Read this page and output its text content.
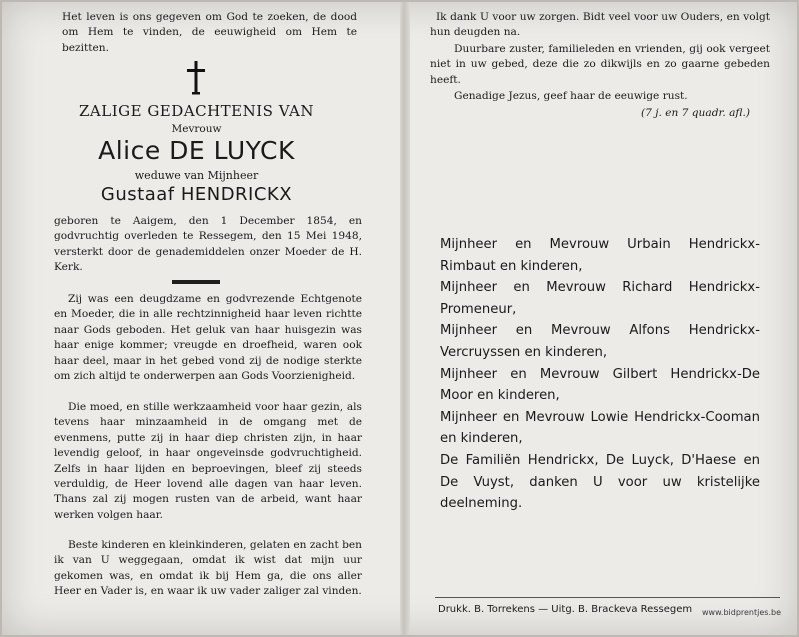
Het leven is ons gegeven om God te zoeken, de dood om Hem te vinden, de eeuwigheid om Hem te bezitten.

ZALIGE GEDACHTENIS VAN

Mevrouw

Alice DE LUYCK

weduwe van Mijnheer

Gustaaf HENDRICKX

geboren te Aaigem, den 1 December 1854, en godvruchtig overleden te Ressegem, den 15 Mei 1948, versterkt door de genademiddelen onzer Moeder de H. Kerk.

Zij was een deugdzame en godvrezende Echtgenote en Moeder, die in alle rechtzinnigheid haar leven richtte naar Gods geboden. Het geluk van haar huisgezin was haar enige kommer; vreugde en droefheid, waren ook haar deel, maar in het gebed vond zij de nodige sterkte om zich altijd te onderwerpen aan Gods Voorzienigheid.

Die moed, en stille werkzaamheid voor haar gezin, als tevens haar minzaamheid in de omgang met de evenmens, putte zij in haar diep christen zijn, in haar levendig geloof, in haar ongeveinsde godvruchtigheid. Zelfs in haar lijden en beproevingen, bleef zij steeds verduldig, de Heer lovend alle dagen van haar leven. Thans zal zij mogen rusten van de arbeid, want haar werken volgen haar.

Beste kinderen en kleinkinderen, gelaten en zacht ben ik van U weggegaan, omdat ik wist dat mijn uur gekomen was, en omdat ik bij Hem ga, die ons aller Heer en Vader is, en waar ik uw vader zaliger zal vinden.

Ik dank U voor uw zorgen. Bidt veel voor uw Ouders, en volgt hun deugden na.

Duurbare zuster, familieleden en vrienden, gij ook vergeet niet in uw gebed, deze die zo dikwijls en zo gaarne gebeden heeft.

Genadige Jezus, geef haar de eeuwige rust.

(7 j. en 7 quadr. afl.)

Mijnheer en Mevrouw Urbain Hendrickx-Rimbaut en kinderen,

Mijnheer en Mevrouw Richard Hendrickx-Promeneur,

Mijnheer en Mevrouw Alfons Hendrickx-Vercruyssen en kinderen,

Mijnheer en Mevrouw Gilbert Hendrickx-De Moor en kinderen,

Mijnheer en Mevrouw Lowie Hendrickx-Cooman en kinderen,

De Familiën Hendrickx, De Luyck, D'Haese en De Vuyst, danken U voor uw kristelijke deelneming.

Drukk. B. Torrekens — Uitg. B. Brackeva Ressegem www.bidprentjes.be
